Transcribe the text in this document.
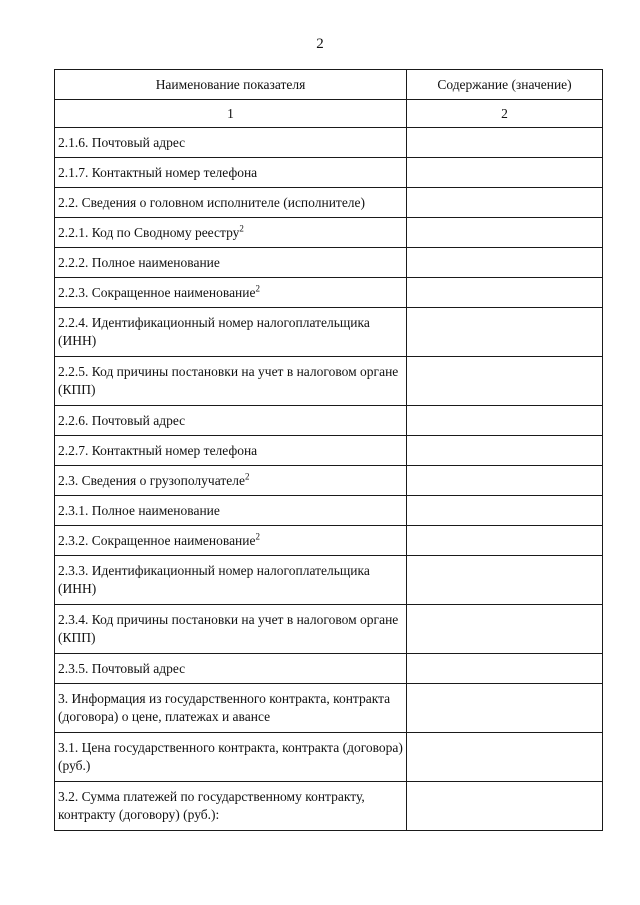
2
Наименование показателя	Содержание (значение)
1	2
2.1.6. Почтовый адрес	
2.1.7. Контактный номер телефона	
2.2. Сведения о головном исполнителе (исполнителе)	
2.2.1. Код по Сводному реестру$^2$	
2.2.2. Полное наименование	
2.2.3. Сокращенное наименование$^2$	
2.2.4. Идентификационный номер налогоплательщика (ИНН)	
2.2.5. Код причины постановки на учет в налоговом органе (КПП)	
2.2.6. Почтовый адрес	
2.2.7. Контактный номер телефона	
2.3. Сведения о грузополучателе$^2$	
2.3.1. Полное наименование	
2.3.2. Сокращенное наименование$^2$	
2.3.3. Идентификационный номер налогоплательщика (ИНН)	
2.3.4. Код причины постановки на учет в налоговом органе (КПП)	
2.3.5. Почтовый адрес	
3. Информация из государственного контракта, контракта (договора) о цене, платежах и авансе	
3.1. Цена государственного контракта, контракта (договора) (руб.)	
3.2. Сумма платежей по государственному контракту, контракту (договору) (руб.):	
